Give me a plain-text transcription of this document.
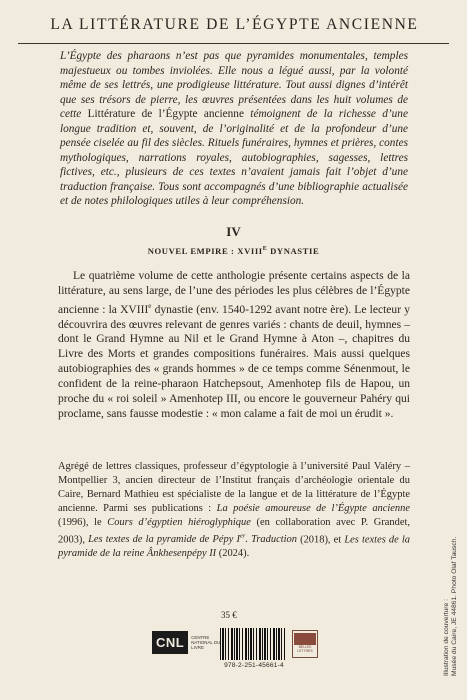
LA LITTÉRATURE DE L’ÉGYPTE ANCIENNE

L’Égypte des pharaons n’est pas que pyramides monumentales, temples majestueux ou tombes inviolées. Elle nous a légué aussi, par la volonté même de ses lettrés, une prodigieuse littérature. Tout aussi dignes d’intérêt que ses trésors de pierre, les œuvres présentées dans les huit volumes de cette Littérature de l’Égypte ancienne témoignent de la richesse d’une longue tradition et, souvent, de l’originalité et de la profondeur d’une pensée ciselée au fil des siècles. Rituels funéraires, hymnes et prières, contes mythologiques, narrations royales, autobiographies, sagesses, lettres fictives, etc., plusieurs de ces textes n’avaient jamais fait l’objet d’une traduction française. Tous sont accompagnés d’une bibliographie actualisée et de notes philologiques utiles à leur compréhension.

IV
NOUVEL EMPIRE : $XVIII^E$ DYNASTIE

Le quatrième volume de cette anthologie présente certains aspects de la littérature, au sens large, de l’une des périodes les plus célèbres de l’Égypte ancienne : la XVIIIe dynastie (env. 1540-1292 avant notre ère). Le lecteur y découvrira des œuvres relevant de genres variés : chants de deuil, hymnes – dont le Grand Hymne au Nil et le Grand Hymne à Aton –, chapitres du Livre des Morts et grandes compositions funéraires. Mais aussi quelques autobiographies des « grands hommes » de ce temps comme Sénenmout, le confident de la reine-pharaon Hatchepsout, Amenhotep fils de Hapou, un proche du « roi soleil » Amenhotep III, ou encore le gouverneur Pahéry qui proclame, sans fausse modestie : « mon calame a fait de moi un érudit ».

Agrégé de lettres classiques, professeur d’égyptologie à l’université Paul Valéry – Montpellier 3, ancien directeur de l’Institut français d’archéologie orientale du Caire, Bernard Mathieu est spécialiste de la langue et de la littérature de l’Égypte ancienne. Parmi ses publications : La poésie amoureuse de l’Égypte ancienne (1996), le Cours d’égyptien hiéroglyphique (en collaboration avec P. Grandet, 2003), Les textes de la pyramide de Pépy Ier. Traduction (2018), et Les textes de la pyramide de la reine Ânkhesenpépy II (2024).

35 €
CNL	CENTRE NATIONAL DU LIVRE
978-2-251-45661-4
BELLES LETTRES	Illustration de couverture : Musée du Caire, JE 44861. Photo Olaf Tausch.
